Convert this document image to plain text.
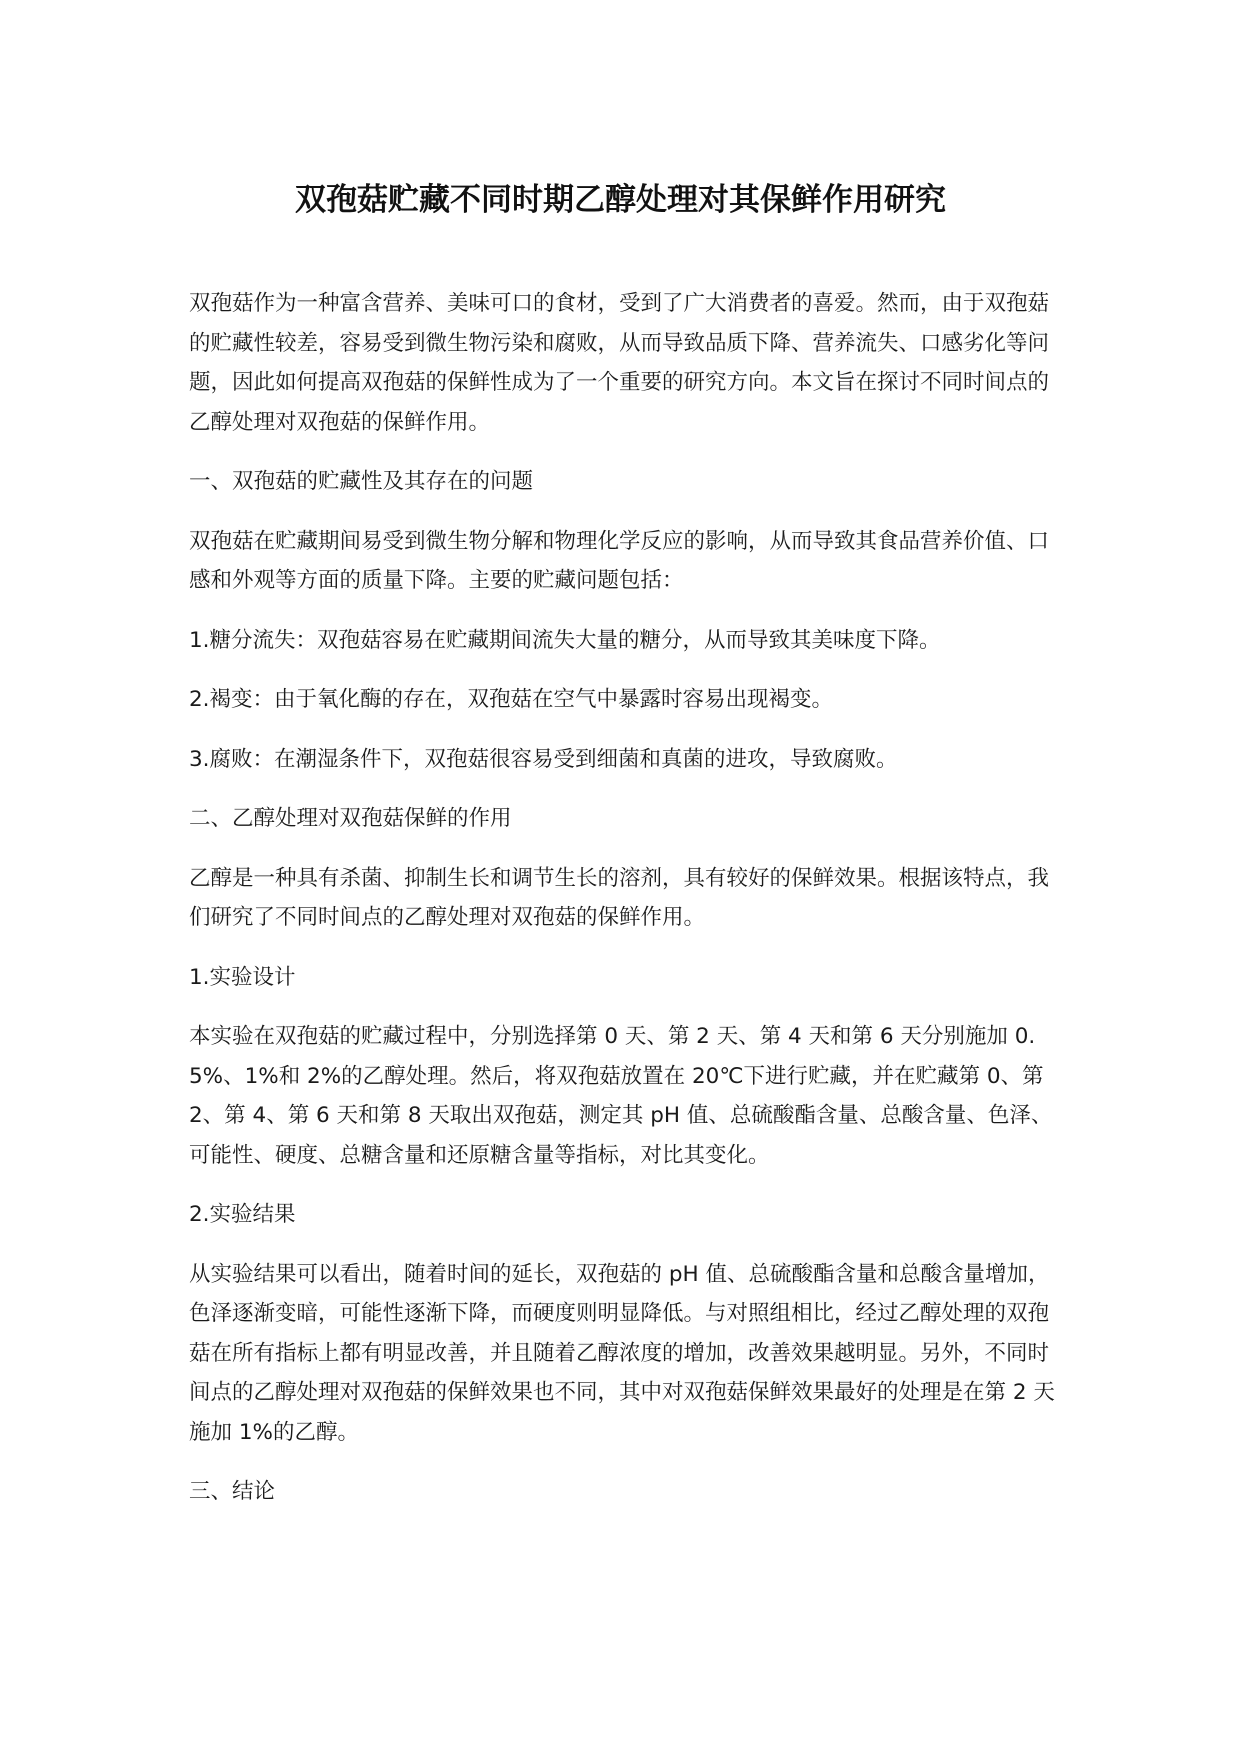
双孢菇贮藏不同时期乙醇处理对其保鲜作用研究

双孢菇作为一种富含营养、美味可口的食材，受到了广大消费者的喜爱。然而，由于双孢菇的贮藏性较差，容易受到微生物污染和腐败，从而导致品质下降、营养流失、口感劣化等问题，因此如何提高双孢菇的保鲜性成为了一个重要的研究方向。本文旨在探讨不同时间点的乙醇处理对双孢菇的保鲜作用。

一、双孢菇的贮藏性及其存在的问题

双孢菇在贮藏期间易受到微生物分解和物理化学反应的影响，从而导致其食品营养价值、口感和外观等方面的质量下降。主要的贮藏问题包括：

1.糖分流失：双孢菇容易在贮藏期间流失大量的糖分，从而导致其美味度下降。

2.褐变：由于氧化酶的存在，双孢菇在空气中暴露时容易出现褐变。

3.腐败：在潮湿条件下，双孢菇很容易受到细菌和真菌的进攻，导致腐败。

二、乙醇处理对双孢菇保鲜的作用

乙醇是一种具有杀菌、抑制生长和调节生长的溶剂，具有较好的保鲜效果。根据该特点，我们研究了不同时间点的乙醇处理对双孢菇的保鲜作用。

1.实验设计

本实验在双孢菇的贮藏过程中，分别选择第 0 天、第 2 天、第 4 天和第 6 天分别施加 0.5%、1%和 2%的乙醇处理。然后，将双孢菇放置在 20℃下进行贮藏，并在贮藏第 0、第 2、第 4、第 6 天和第 8 天取出双孢菇，测定其 pH 值、总硫酸酯含量、总酸含量、色泽、可能性、硬度、总糖含量和还原糖含量等指标，对比其变化。

2.实验结果

从实验结果可以看出，随着时间的延长，双孢菇的 pH 值、总硫酸酯含量和总酸含量增加，色泽逐渐变暗，可能性逐渐下降，而硬度则明显降低。与对照组相比，经过乙醇处理的双孢菇在所有指标上都有明显改善，并且随着乙醇浓度的增加，改善效果越明显。另外，不同时间点的乙醇处理对双孢菇的保鲜效果也不同，其中对双孢菇保鲜效果最好的处理是在第 2 天施加 1%的乙醇。

三、结论
